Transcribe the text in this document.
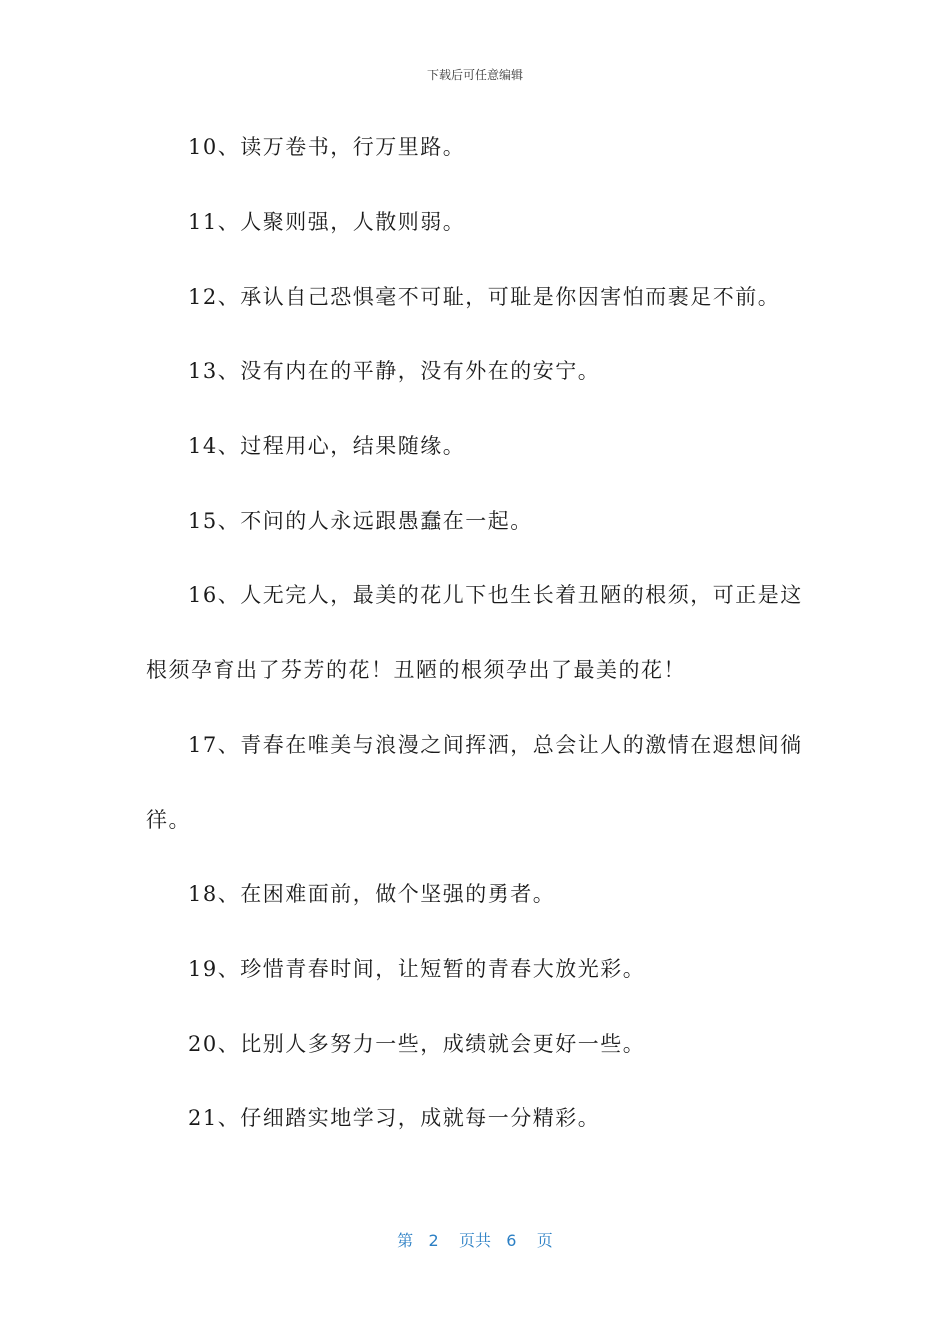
下载后可任意编辑
10、读万卷书，行万里路。
11、人聚则强，人散则弱。
12、承认自己恐惧毫不可耻，可耻是你因害怕而裹足不前。
13、没有内在的平静，没有外在的安宁。
14、过程用心，结果随缘。
15、不问的人永远跟愚蠢在一起。
16、人无完人，最美的花儿下也生长着丑陋的根须，可正是这
根须孕育出了芬芳的花！丑陋的根须孕出了最美的花！
17、青春在唯美与浪漫之间挥洒，总会让人的激情在遐想间徜
徉。
18、在困难面前，做个坚强的勇者。
19、珍惜青春时间，让短暂的青春大放光彩。
20、比别人多努力一些，成绩就会更好一些。
21、仔细踏实地学习，成就每一分精彩。
第 2 页共 6 页
